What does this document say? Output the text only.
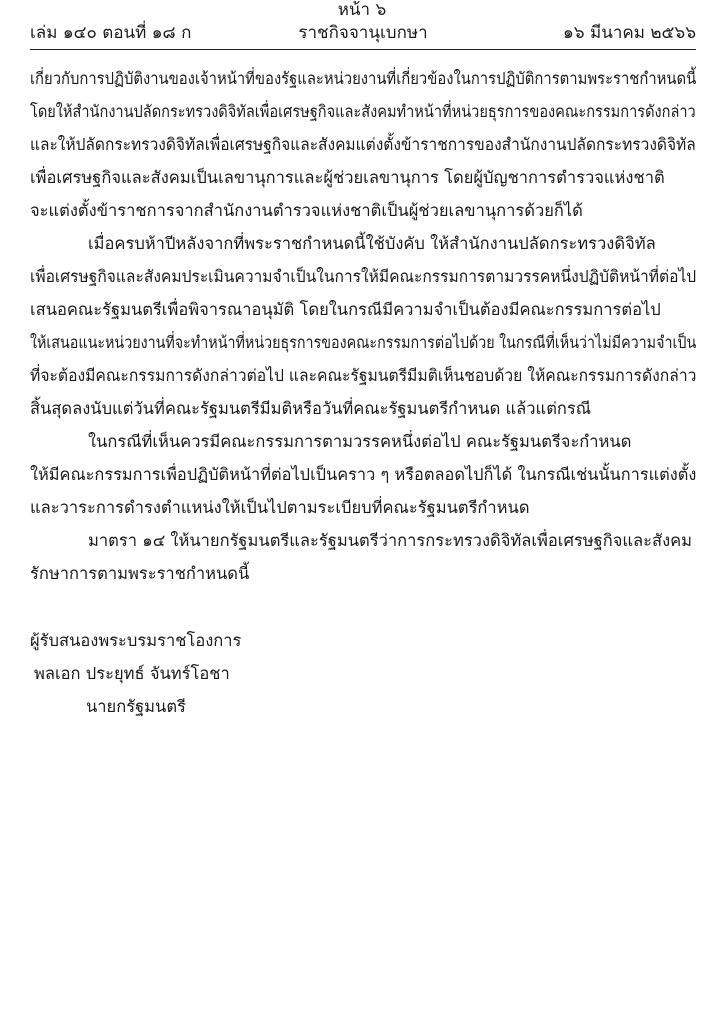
หน้า ๖
ราชกิจจานุเบกษา
เล่ม ๑๔๐ ตอนที่ ๑๘ ก	๑๖ มีนาคม ๒๕๖๖
เกี่ยวกับการปฏิบัติงานของเจ้าหน้าที่ของรัฐและหน่วยงานที่เกี่ยวข้องในการปฏิบัติการตามพระราชกำหนดนี้
โดยให้สำนักงานปลัดกระทรวงดิจิทัลเพื่อเศรษฐกิจและสังคมทำหน้าที่หน่วยธุรการของคณะกรรมการดังกล่าว
และให้ปลัดกระทรวงดิจิทัลเพื่อเศรษฐกิจและสังคมแต่งตั้งข้าราชการของสำนักงานปลัดกระทรวงดิจิทัล
เพื่อเศรษฐกิจและสังคมเป็นเลขานุการและผู้ช่วยเลขานุการ โดยผู้บัญชาการตำรวจแห่งชาติ
จะแต่งตั้งข้าราชการจากสำนักงานตำรวจแห่งชาติเป็นผู้ช่วยเลขานุการด้วยก็ได้
เมื่อครบห้าปีหลังจากที่พระราชกำหนดนี้ใช้บังคับ ให้สำนักงานปลัดกระทรวงดิจิทัล
เพื่อเศรษฐกิจและสังคมประเมินความจำเป็นในการให้มีคณะกรรมการตามวรรคหนึ่งปฏิบัติหน้าที่ต่อไป
เสนอคณะรัฐมนตรีเพื่อพิจารณาอนุมัติ โดยในกรณีมีความจำเป็นต้องมีคณะกรรมการต่อไป
ให้เสนอแนะหน่วยงานที่จะทำหน้าที่หน่วยธุรการของคณะกรรมการต่อไปด้วย ในกรณีที่เห็นว่าไม่มีความจำเป็น
ที่จะต้องมีคณะกรรมการดังกล่าวต่อไป และคณะรัฐมนตรีมีมติเห็นชอบด้วย ให้คณะกรรมการดังกล่าว
สิ้นสุดลงนับแต่วันที่คณะรัฐมนตรีมีมติหรือวันที่คณะรัฐมนตรีกำหนด แล้วแต่กรณี
ในกรณีที่เห็นควรมีคณะกรรมการตามวรรคหนึ่งต่อไป คณะรัฐมนตรีจะกำหนด
ให้มีคณะกรรมการเพื่อปฏิบัติหน้าที่ต่อไปเป็นคราว ๆ หรือตลอดไปก็ได้ ในกรณีเช่นนั้นการแต่งตั้ง
และวาระการดำรงตำแหน่งให้เป็นไปตามระเบียบที่คณะรัฐมนตรีกำหนด
มาตรา ๑๔ ให้นายกรัฐมนตรีและรัฐมนตรีว่าการกระทรวงดิจิทัลเพื่อเศรษฐกิจและสังคม
รักษาการตามพระราชกำหนดนี้
ผู้รับสนองพระบรมราชโองการ
พลเอก ประยุทธ์ จันทร์โอชา
นายกรัฐมนตรี
